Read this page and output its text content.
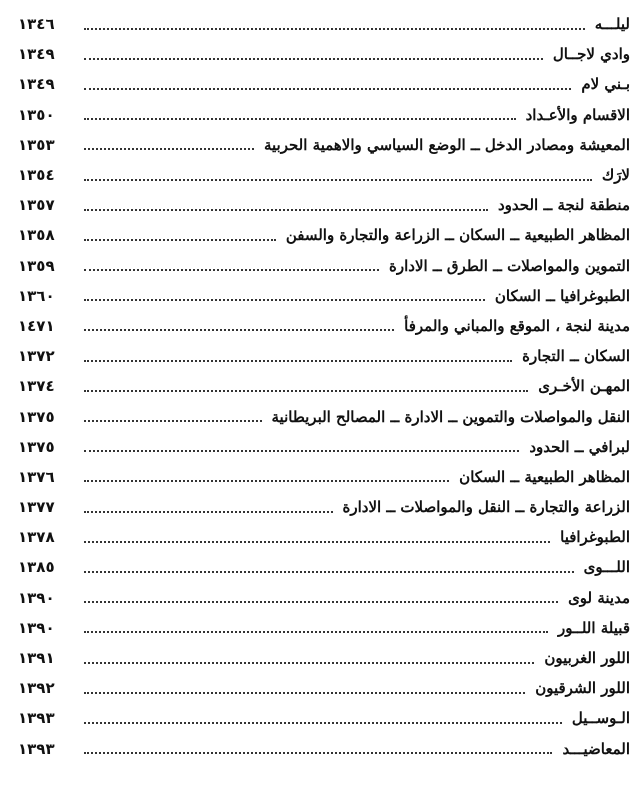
ليلـــه
١٣٤٦
وادي لاجــال
١٣٤٩
بـني لام
١٣٤٩
الاقسام والأعـداد
١٣٥٠
المعيشة ومصادر الدخل ــ الوضع السياسي والاهمية الحربية
١٣٥٣
لارَك
١٣٥٤
منطقة لنجة ــ الحدود
١٣٥٧
المظاهر الطبيعية ــ السكان ــ الزراعة والتجارة والسفن
١٣٥٨
التموين والمواصلات ــ الطرق ــ الادارة
١٣٥٩
الطبوغرافيا ــ السكان
١٣٦٠
مدينة لنجة ، الموقع والمباني والمرفأ
١٤٧١
السكان ــ التجارة
١٣٧٢
المهـن الأخـرى
١٣٧٤
النقل والمواصلات والتموين ــ الادارة ــ المصالح البريطانية
١٣٧٥
لبرافي ــ الحدود
١٣٧٥
المظاهر الطبيعية ــ السكان
١٣٧٦
الزراعة والتجارة ــ النقل والمواصلات ــ الادارة
١٣٧٧
الطبوغرافيا
١٣٧٨
اللـــوى
١٣٨٥
مدينة لوى
١٣٩٠
قبيلة اللــور
١٣٩٠
اللور الغربيون
١٣٩١
اللور الشرقيون
١٣٩٢
الـوســيل
١٣٩٣
المعاضيـــد
١٣٩٣
